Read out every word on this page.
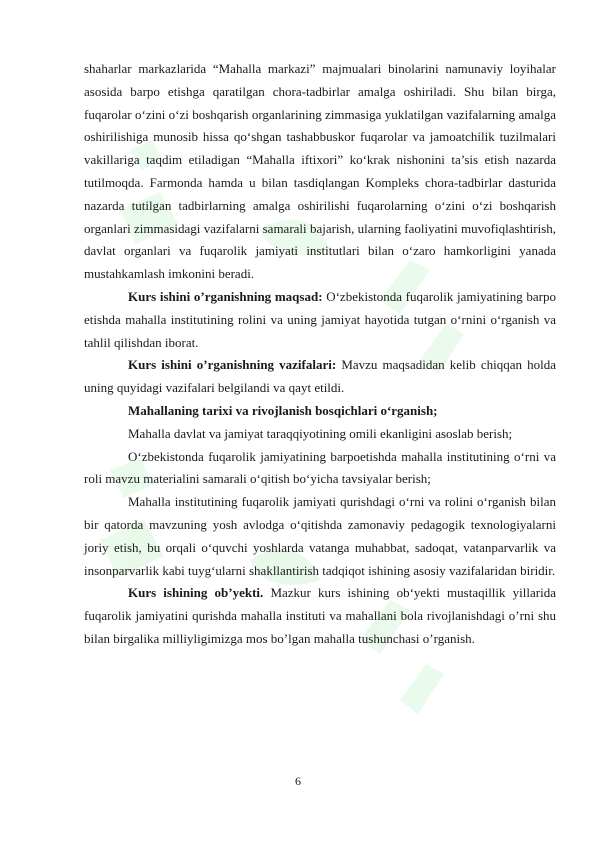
shaharlar markazlarida “Mahalla markazi” majmualari binolarini namunaviy loyihalar asosida barpo etishga qaratilgan chora-tadbirlar amalga oshiriladi. Shu bilan birga, fuqarolar o‘zini o‘zi boshqarish organlarining zimmasiga yuklatilgan vazifalarning amalga oshirilishiga munosib hissa qo‘shgan tashabbuskor fuqarolar va jamoatchilik tuzilmalari vakillariga taqdim etiladigan “Mahalla iftixori” ko‘krak nishonini ta’sis etish nazarda tutilmoqda. Farmonda hamda u bilan tasdiqlangan Kompleks chora-tadbirlar dasturida nazarda tutilgan tadbirlarning amalga oshirilishi fuqarolarning o‘zini o‘zi boshqarish organlari zimmasidagi vazifalarni samarali bajarish, ularning faoliyatini muvofiqlashtirish, davlat organlari va fuqarolik jamiyati institutlari bilan o‘zaro hamkorligini yanada mustahkamlash imkonini beradi.

Kurs ishini o’rganishning maqsad: O‘zbekistonda fuqarolik jamiyatining barpo etishda mahalla institutining rolini va uning jamiyat hayotida tutgan o‘rnini o‘rganish va tahlil qilishdan iborat.

Kurs ishini o’rganishning vazifalari: Mavzu maqsadidan kelib chiqqan holda uning quyidagi vazifalari belgilandi va qayt etildi.

Mahallaning tarixi va rivojlanish bosqichlari o‘rganish;

Mahalla davlat va jamiyat taraqqiyotining omili ekanligini asoslab berish;

O‘zbekistonda fuqarolik jamiyatining barpoetishda mahalla institutining o‘rni va roli mavzu materialini samarali o‘qitish bo‘yicha tavsiyalar berish;

Mahalla institutining fuqarolik jamiyati qurishdagi o‘rni va rolini o‘rganish bilan bir qatorda mavzuning yosh avlodga o‘qitishda zamonaviy pedagogik texnologiyalarni joriy etish, bu orqali o‘quvchi yoshlarda vatanga muhabbat, sadoqat, vatanparvarlik va insonparvarlik kabi tuyg‘ularni shakllantirish tadqiqot ishining asosiy vazifalaridan biridir.

Kurs ishining ob’yekti. Mazkur kurs ishining ob‘yekti mustaqillik yillarida fuqarolik jamiyatini qurishda mahalla instituti va mahallani bola rivojlanishdagi o’rni shu bilan birgalika milliyligimizga mos bo’lgan mahalla tushunchasi o’rganish.

6
